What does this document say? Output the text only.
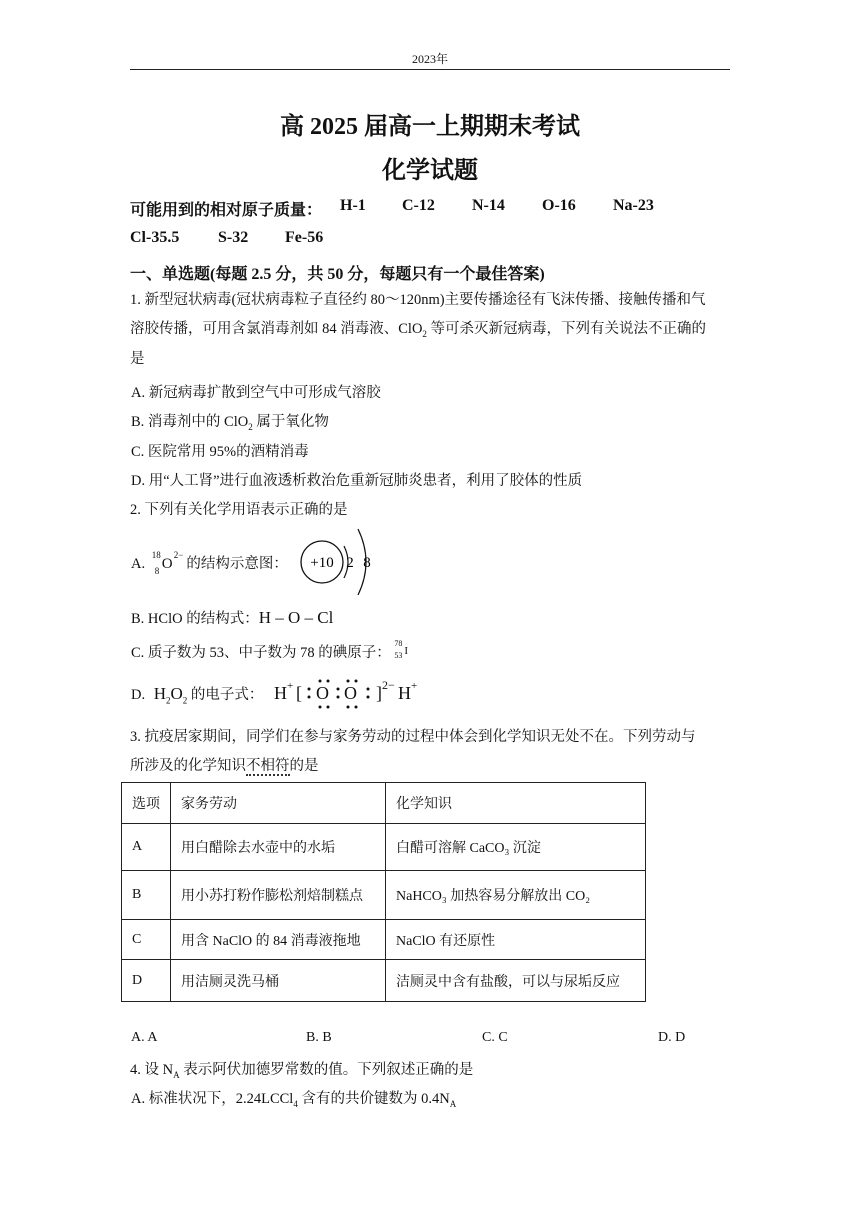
2023年
高 2025 届高一上期期末考试
化学试题
可能用到的相对原子质量： H-1 C-12 N-14 O-16 Na-23
Cl-35.5 S-32 Fe-56
一、单选题(每题 2.5 分，共 50 分，每题只有一个最佳答案)
1. 新型冠状病毒(冠状病毒粒子直径约 80～120nm)主要传播途径有飞沫传播、接触传播和气
溶胶传播，可用含氯消毒剂如 84 消毒液、ClO$_2$ 等可杀灭新冠病毒，下列有关说法不正确的
是
A. 新冠病毒扩散到空气中可形成气溶胶
B. 消毒剂中的 ClO$_2$ 属于氧化物
C. 医院常用 95%的酒精消毒
D. 用“人工肾”进行血液透析救治危重新冠肺炎患者，利用了胶体的性质
2. 下列有关化学用语表示正确的是
A.
18
8 O
2−
的结构示意图： +10 2 8
B. HClO 的结构式：H – O – Cl
C. 质子数为 53、中子数为 78 的碘原子：
78
53 I
D. $H_2O_2$ 的电子式： H + [ O O ] 2− H +
3. 抗疫居家期间，同学们在参与家务劳动的过程中体会到化学知识无处不在。下列劳动与
所涉及的化学知识不相符的是
选项	家务劳动	化学知识
A	用白醋除去水壶中的水垢	白醋可溶解 CaCO₃ 沉淀
B	用小苏打粉作膨松剂焙制糕点	NaHCO₃ 加热容易分解放出 CO₂
C	用含 NaClO 的 84 消毒液拖地	NaClO 有还原性
D	用洁厕灵洗马桶	洁厕灵中含有盐酸，可以与尿垢反应
A. A	B. B	C. C	D. D
4. 设 $N_A$ 表示阿伏加德罗常数的值。下列叙述正确的是
A. 标准状况下，2.24LCCl$_4$ 含有的共价键数为 $0.4N_A$
